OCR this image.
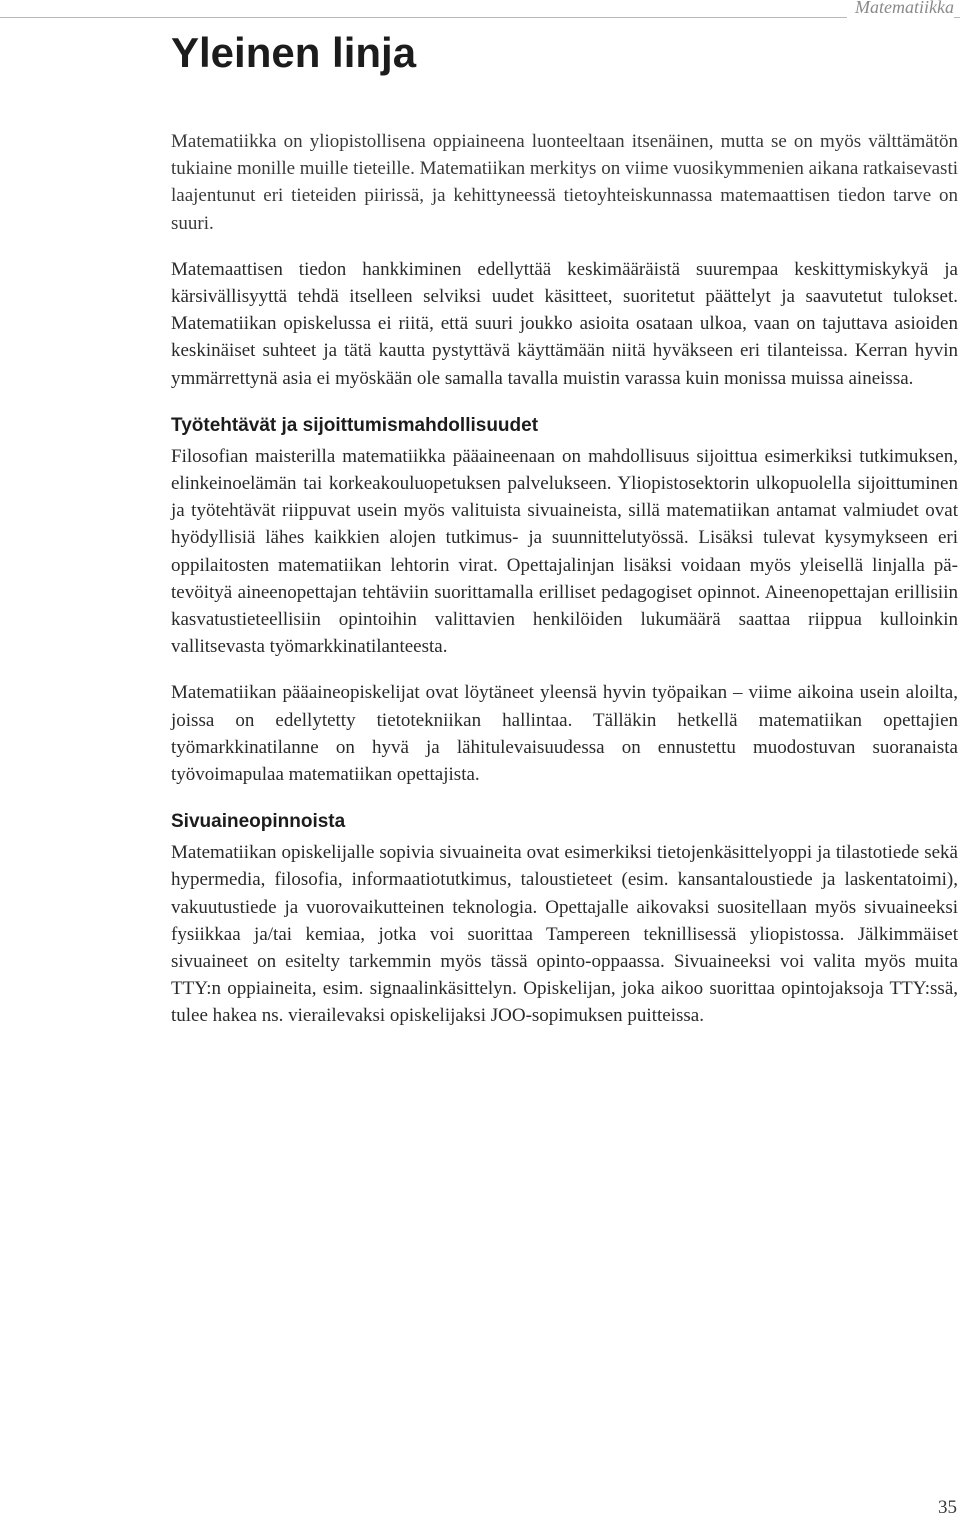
Matematiikka
Yleinen linja

Matematiikka on yliopistollisena oppiaineena luonteeltaan itsenäinen, mutta se on myös välttämätön tukiaine monille muille tieteille. Matematiikan merkitys on viime vuosikymmenien aikana ratkaisevasti laajentunut eri tieteiden piirissä, ja kehittyneessä tietoyhteiskunnassa matemaattisen tiedon tarve on suuri.

Matemaattisen tiedon hankkiminen edellyttää keskimääräistä suurempaa keskittymiskykyä ja kärsivällisyyttä tehdä itselleen selviksi uudet käsitteet, suoritetut päättelyt ja saavutetut tulokset. Matematiikan opiskelussa ei riitä, että suuri joukko asioita osataan ulkoa, vaan on tajuttava asioiden keskinäiset suhteet ja tätä kautta pystyttävä käyttämään niitä hyväkseen eri tilanteissa. Kerran hyvin ymmärrettynä asia ei myöskään ole samalla tavalla muistin varassa kuin monissa muissa aineissa.

Työtehtävät ja sijoittumismahdollisuudet

Filosofian maisterilla matematiikka pääaineenaan on mahdollisuus sijoittua esimerkiksi tutkimuksen, elinkeinoelämän tai korkeakouluopetuksen palvelukseen. Yliopistosektorin ulkopuolella sijoittuminen ja työtehtävät riippuvat usein myös valituista sivuaineista, sillä matematiikan antamat valmiudet ovat hyödyllisiä lähes kaikkien alojen tutkimus- ja suunnittelutyössä. Lisäksi tulevat kysymykseen eri oppilaitosten matematiikan lehtorin virat. Opettajalinjan lisäksi voidaan myös yleisellä linjalla pätevöityä aineenopettajan tehtäviin suorittamalla erilliset pedagogiset opinnot. Aineenopettajan erillisiin kasvatustieteellisiin opintoihin valittavien henkilöiden lukumäärä saattaa riippua kulloinkin vallitsevasta työmarkkinatilanteesta.

Matematiikan pääaineopiskelijat ovat löytäneet yleensä hyvin työpaikan – viime aikoina usein aloilta, joissa on edellytetty tietotekniikan hallintaa. Tälläkin hetkellä matematiikan opettajien työmarkkinatilanne on hyvä ja lähitulevaisuudessa on ennustettu muodostuvan suoranaista työvoimapulaa matematiikan opettajista.

Sivuaineopinnoista

Matematiikan opiskelijalle sopivia sivuaineita ovat esimerkiksi tietojenkäsittelyoppi ja tilastotiede sekä hypermedia, filosofia, informaatiotutkimus, taloustieteet (esim. kansantaloustiede ja laskentatoimi), vakuutustiede ja vuorovaikutteinen teknologia. Opettajalle aikovaksi suositellaan myös sivuaineeksi fysiikkaa ja/tai kemiaa, jotka voi suorittaa Tampereen teknillisessä yliopistossa. Jälkimmäiset sivuaineet on esitelty tarkemmin myös tässä opinto-oppaassa. Sivuaineeksi voi valita myös muita TTY:n oppiaineita, esim. signaalinkäsittelyn. Opiskelijan, joka aikoo suorittaa opintojaksoja TTY:ssä, tulee hakea ns. vierailevaksi opiskelijaksi JOO-sopimuksen puitteissa.

35
